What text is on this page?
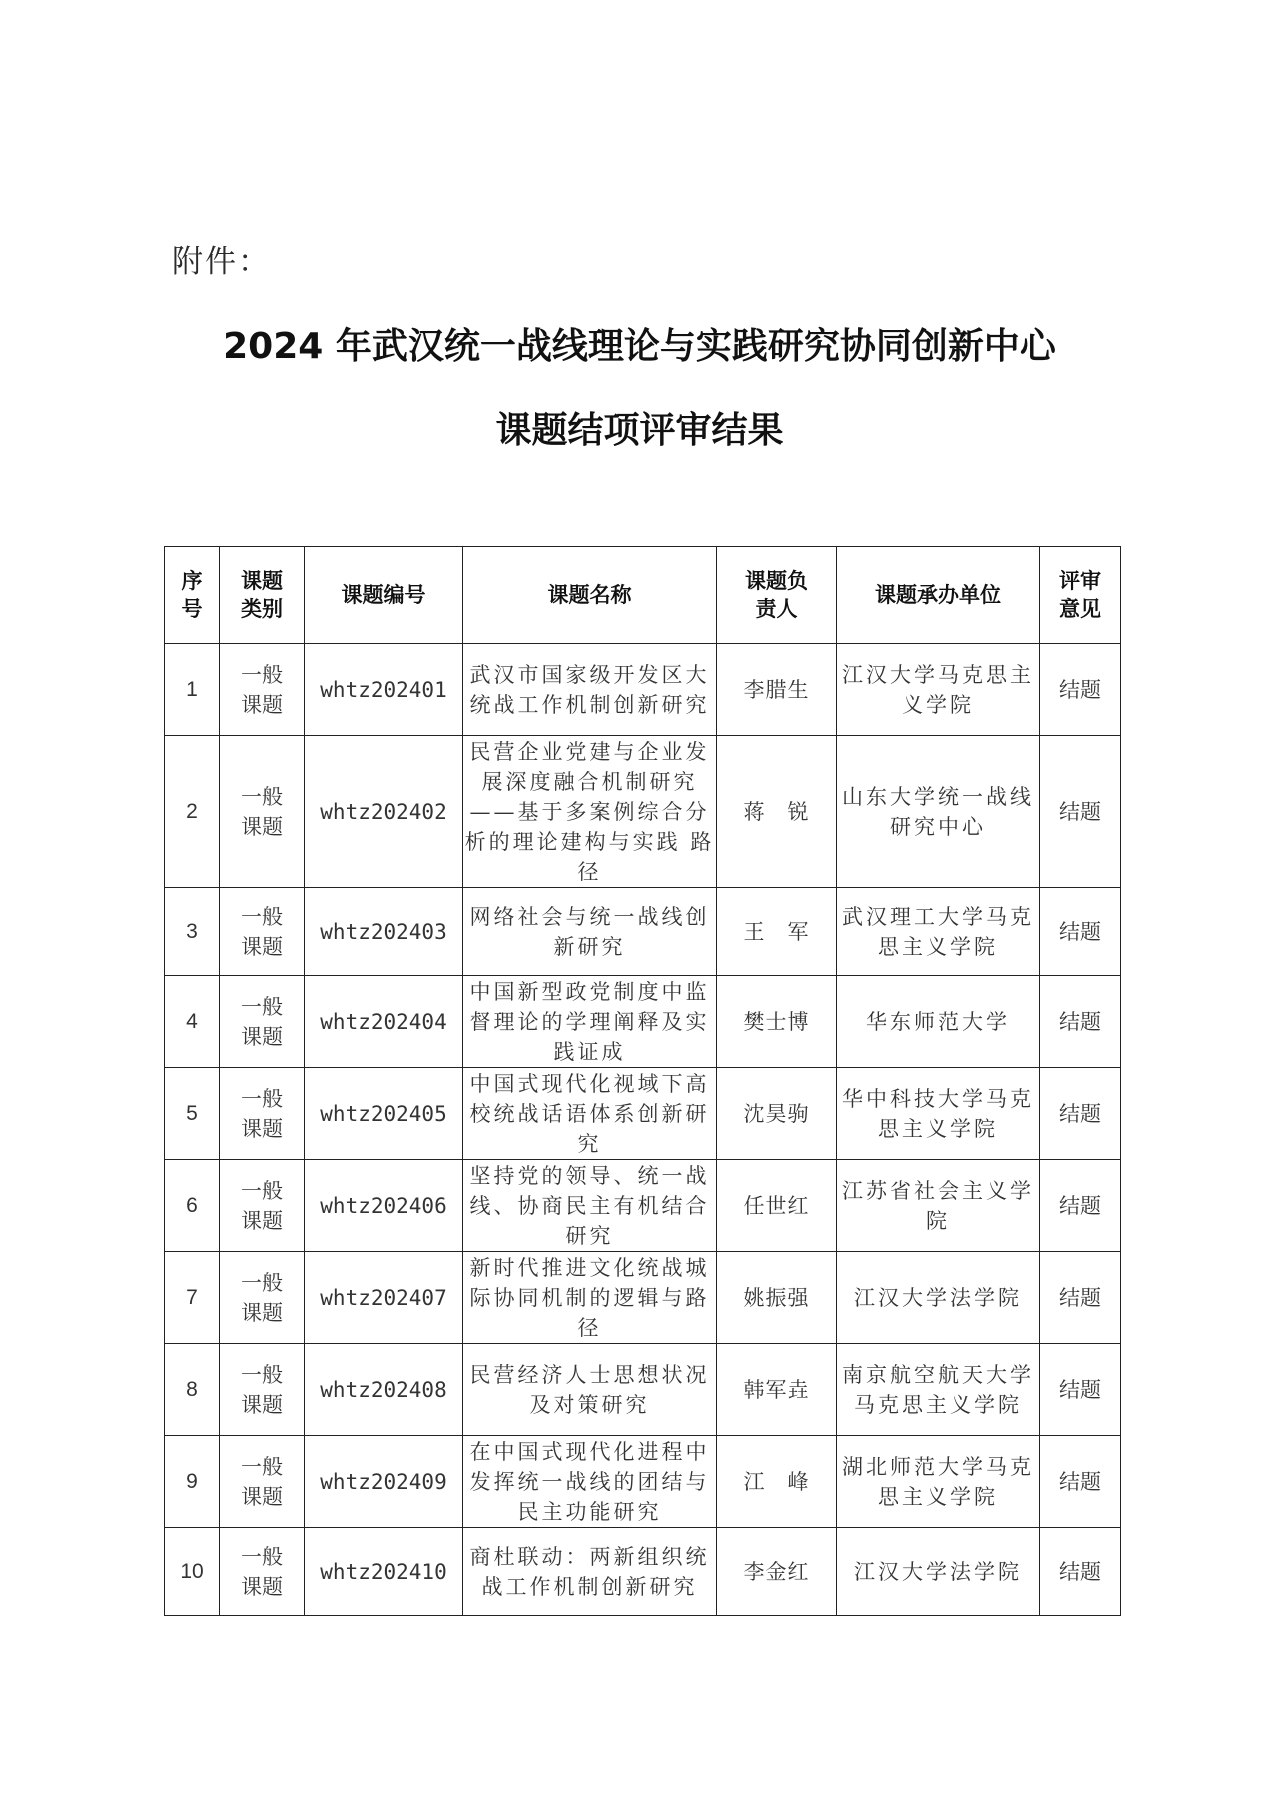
附件：
2024 年武汉统一战线理论与实践研究协同创新中心
课题结项评审结果
序号	课题类别	课题编号	课题名称	课题负责人	课题承办单位	评审意见

1	一般课题	whtz202401	武汉市国家级开发区大统战工作机制创新研究	李腊生	江汉大学马克思主义学院	结题

2	一般课题	whtz202402	民营企业党建与企业发展深度融合机制研究——基于多案例综合分析的理论建构与实践 路径	蒋　锐	山东大学统一战线研究中心	结题

3	一般课题	whtz202403	网络社会与统一战线创新研究	王　军	武汉理工大学马克思主义学院	结题

4	一般课题	whtz202404	中国新型政党制度中监督理论的学理阐释及实践证成	樊士博	华东师范大学	结题

5	一般课题	whtz202405	中国式现代化视域下高校统战话语体系创新研究	沈昊驹	华中科技大学马克思主义学院	结题

6	一般课题	whtz202406	坚持党的领导、统一战线、协商民主有机结合研究	任世红	江苏省社会主义学院	结题

7	一般课题	whtz202407	新时代推进文化统战城际协同机制的逻辑与路径	姚振强	江汉大学法学院	结题

8	一般课题	whtz202408	民营经济人士思想状况及对策研究	韩军垚	南京航空航天大学马克思主义学院	结题

9	一般课题	whtz202409	在中国式现代化进程中发挥统一战线的团结与民主功能研究	江　峰	湖北师范大学马克思主义学院	结题

10	一般课题	whtz202410	商杜联动：两新组织统战工作机制创新研究	李金红	江汉大学法学院	结题
